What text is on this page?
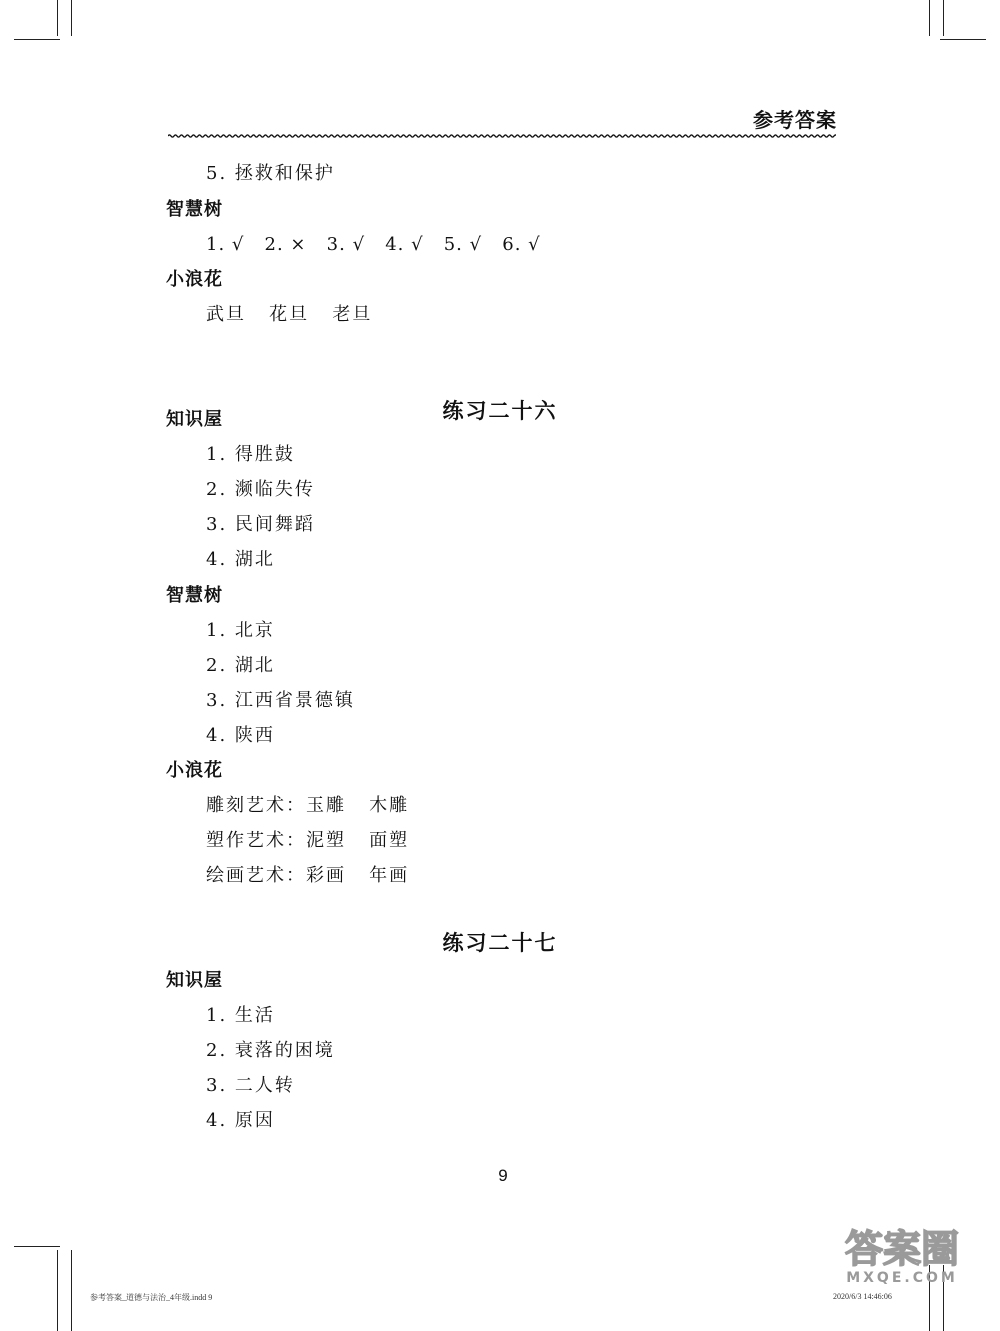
参考答案
5. 拯救和保护
智慧树
1. √   2. ×   3. √   4. √   5. √   6. √
小浪花
武旦   花旦   老旦
练习二十六
知识屋
1. 得胜鼓
2. 濒临失传
3. 民间舞蹈
4. 湖北
智慧树
1. 北京
2. 湖北
3. 江西省景德镇
4. 陕西
小浪花
雕刻艺术：玉雕   木雕
塑作艺术：泥塑   面塑
绘画艺术：彩画   年画
练习二十七
知识屋
1. 生活
2. 衰落的困境
3. 二人转
4. 原因
9
答案圈
MXQE.COM
参考答案_道德与法治_4年级.indd 9	2020/6/3 14:46:06
